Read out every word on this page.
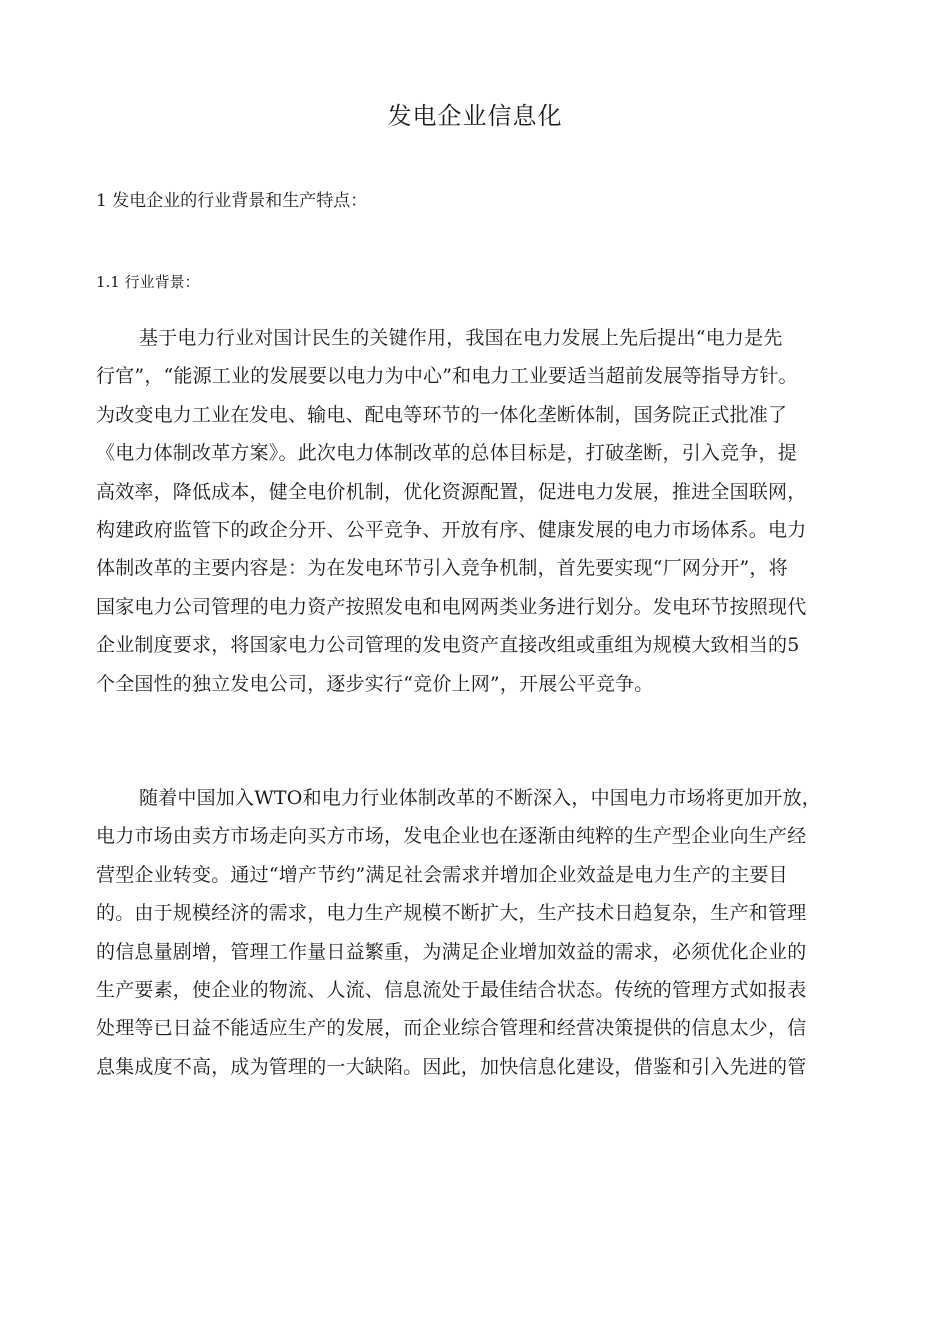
发电企业信息化
1 发电企业的行业背景和生产特点：
1.1 行业背景：
基于电力行业对国计民生的关键作用，我国在电力发展上先后提出“电力是先
行官”，“能源工业的发展要以电力为中心”和电力工业要适当超前发展等指导方针。
为改变电力工业在发电、输电、配电等环节的一体化垄断体制，国务院正式批准了
《电力体制改革方案》。此次电力体制改革的总体目标是，打破垄断，引入竞争，提
高效率，降低成本，健全电价机制，优化资源配置，促进电力发展，推进全国联网，
构建政府监管下的政企分开、公平竞争、开放有序、健康发展的电力市场体系。电力
体制改革的主要内容是：为在发电环节引入竞争机制，首先要实现“厂网分开”，将
国家电力公司管理的电力资产按照发电和电网两类业务进行划分。发电环节按照现代
企业制度要求，将国家电力公司管理的发电资产直接改组或重组为规模大致相当的5
个全国性的独立发电公司，逐步实行“竞价上网”，开展公平竞争。
随着中国加入WTO和电力行业体制改革的不断深入，中国电力市场将更加开放，
电力市场由卖方市场走向买方市场，发电企业也在逐渐由纯粹的生产型企业向生产经
营型企业转变。通过“增产节约”满足社会需求并增加企业效益是电力生产的主要目
的。由于规模经济的需求，电力生产规模不断扩大，生产技术日趋复杂，生产和管理
的信息量剧增，管理工作量日益繁重，为满足企业增加效益的需求，必须优化企业的
生产要素，使企业的物流、人流、信息流处于最佳结合状态。传统的管理方式如报表
处理等已日益不能适应生产的发展，而企业综合管理和经营决策提供的信息太少，信
息集成度不高，成为管理的一大缺陷。因此，加快信息化建设，借鉴和引入先进的管
